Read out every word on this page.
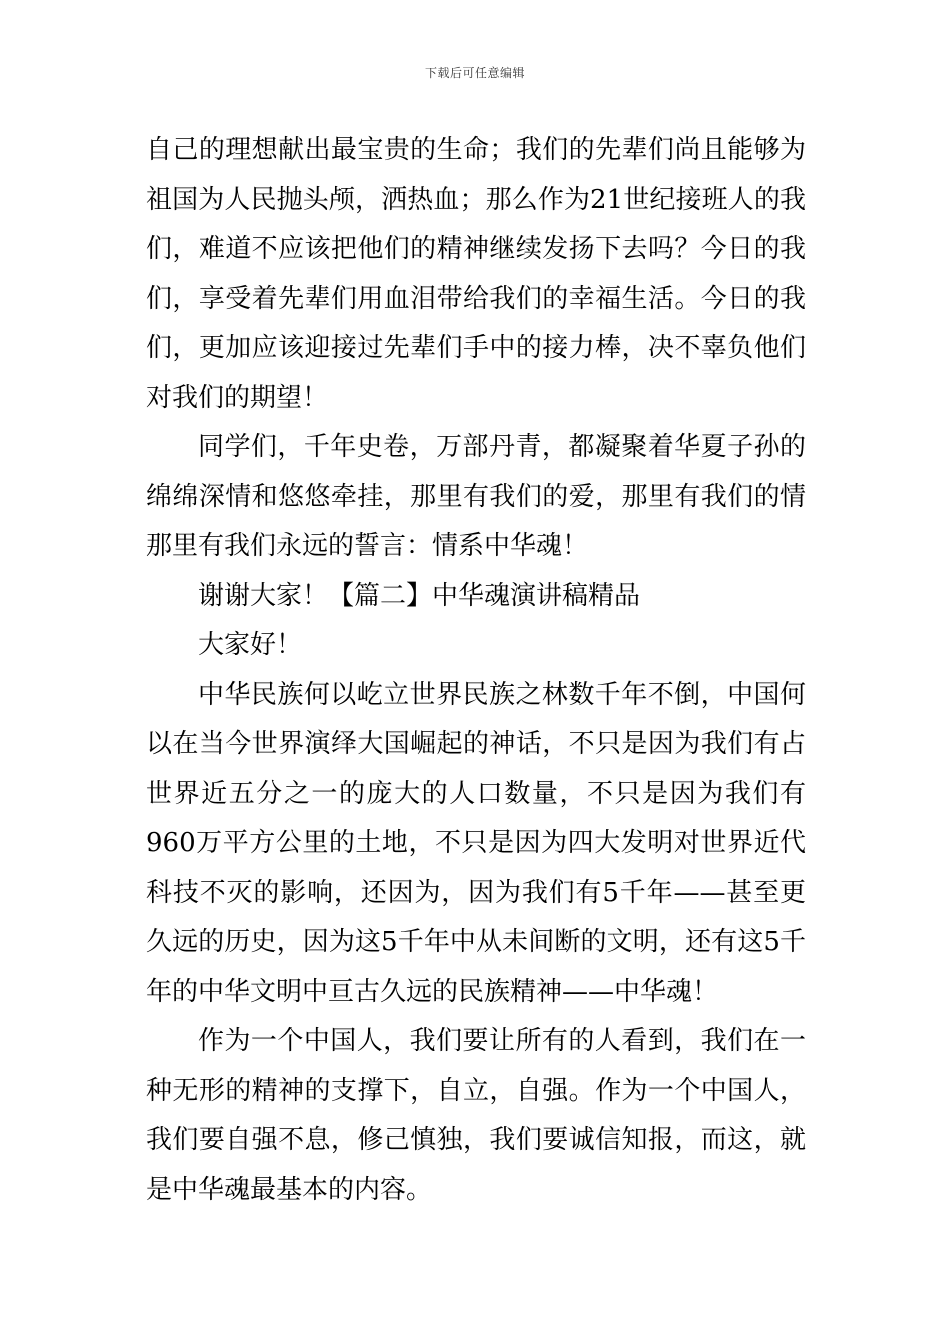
下载后可任意编辑

自己的理想献出最宝贵的生命；我们的先辈们尚且能够为祖国为人民抛头颅，洒热血；那么作为21世纪接班人的我们，难道不应该把他们的精神继续发扬下去吗？今日的我们，享受着先辈们用血泪带给我们的幸福生活。今日的我们，更加应该迎接过先辈们手中的接力棒，决不辜负他们对我们的期望！

同学们，千年史卷，万部丹青，都凝聚着华夏子孙的绵绵深情和悠悠牵挂，那里有我们的爱，那里有我们的情那里有我们永远的誓言：情系中华魂！

谢谢大家！【篇二】中华魂演讲稿精品

大家好！

中华民族何以屹立世界民族之林数千年不倒，中国何以在当今世界演绎大国崛起的神话，不只是因为我们有占世界近五分之一的庞大的人口数量，不只是因为我们有960万平方公里的土地，不只是因为四大发明对世界近代科技不灭的影响，还因为，因为我们有5千年——甚至更久远的历史，因为这5千年中从未间断的文明，还有这5千年的中华文明中亘古久远的民族精神——中华魂！

作为一个中国人，我们要让所有的人看到，我们在一种无形的精神的支撑下，自立，自强。作为一个中国人，我们要自强不息，修己慎独，我们要诚信知报，而这，就是中华魂最基本的内容。
